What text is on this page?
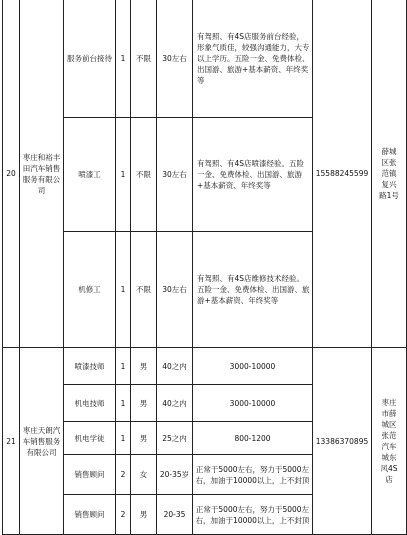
20	枣庄和裕丰田汽车销售服务有限公司	服务前台接待	1	不限	30左右	有驾照、有4S店服务前台经验，形象气质佳，较强沟通能力，大专以上学历。五险一金、免费体检、出国游、旅游+基本薪资、年终奖等	15588245599	薛城区张范镇复兴路1号
		喷漆工	1	不限	30左右	有驾照、有4S店喷漆经验。五险一金、免费体检、出国游、旅游+基本薪资、年终奖等		
		机修工	1	不限	30左右	有驾照、有4S店维修技术经验。五险一金、免费体检、出国游、旅游+基本薪资、年终奖等		
21	枣庄天朗汽车销售服务有限公司	喷漆技师	1	男	40之内	3000-10000	13386370895	枣庄市薛城区张范汽车城东风4S店
		机电技师	1	男	40之内	3000-10000		
		机电学徒	1	男	25之内	800-1200		
		销售顾问	2	女	20-35岁	正常于5000左右，努力于5000左右，加油于10000以上，上不封顶		
		销售顾问	2	男	20-35	正常于5000左右，努力于5000左右，加油于10000以上，上不封顶		
